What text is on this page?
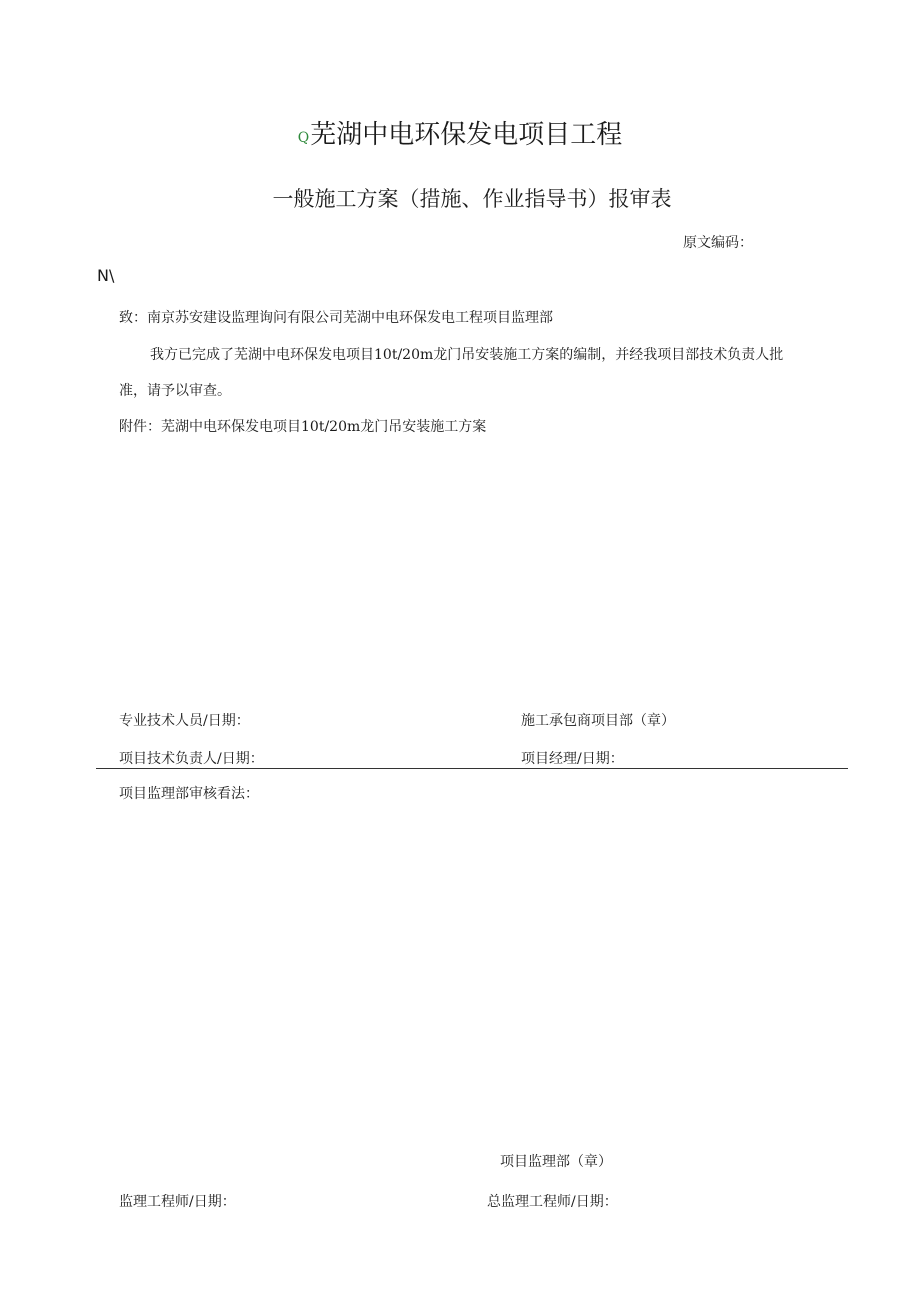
Q芜湖中电环保发电项目工程
一般施工方案（措施、作业指导书）报审表
原文编码：
N\
致：南京苏安建设监理询问有限公司芜湖中电环保发电工程项目监理部
我方已完成了芜湖中电环保发电项目10t/20m龙门吊安装施工方案的编制，并经我项目部技术负责人批
准，请予以审查。
附件：芜湖中电环保发电项目10t/20m龙门吊安装施工方案
专业技术人员/日期：	施工承包商项目部（章）
项目技术负责人/日期：	项目经理/日期：
项目监理部审核看法：
项目监理部（章）
监理工程师/日期：	总监理工程师/日期：
